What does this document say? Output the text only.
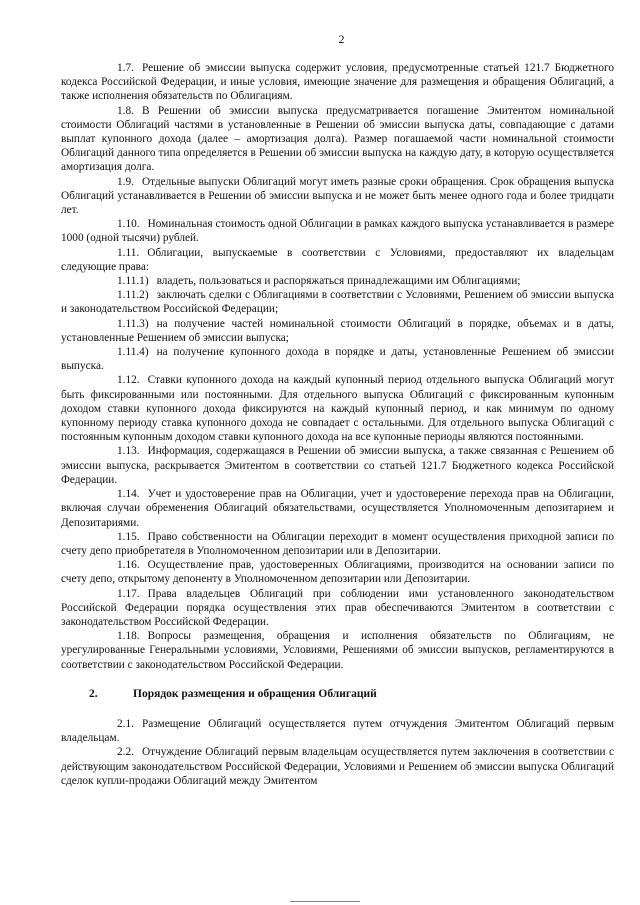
2

1.7. Решение об эмиссии выпуска содержит условия, предусмотренные статьей 121.7 Бюджетного кодекса Российской Федерации, и иные условия, имеющие значение для размещения и обращения Облигаций, а также исполнения обязательств по Облигациям.

1.8. В Решении об эмиссии выпуска предусматривается погашение Эмитентом номинальной стоимости Облигаций частями в установленные в Решении об эмиссии выпуска даты, совпадающие с датами выплат купонного дохода (далее – амортизация долга). Размер погашаемой части номинальной стоимости Облигаций данного типа определяется в Решении об эмиссии выпуска на каждую дату, в которую осуществляется амортизация долга.

1.9. Отдельные выпуски Облигаций могут иметь разные сроки обращения. Срок обращения выпуска Облигаций устанавливается в Решении об эмиссии выпуска и не может быть менее одного года и более тридцати лет.

1.10. Номинальная стоимость одной Облигации в рамках каждого выпуска устанавливается в размере 1000 (одной тысячи) рублей.

1.11. Облигации, выпускаемые в соответствии с Условиями, предоставляют их владельцам следующие права:

1.11.1) владеть, пользоваться и распоряжаться принадлежащими им Облигациями;

1.11.2) заключать сделки с Облигациями в соответствии с Условиями, Решением об эмиссии выпуска и законодательством Российской Федерации;

1.11.3) на получение частей номинальной стоимости Облигаций в порядке, объемах и в даты, установленные Решением об эмиссии выпуска;

1.11.4) на получение купонного дохода в порядке и даты, установленные Решением об эмиссии выпуска.

1.12. Ставки купонного дохода на каждый купонный период отдельного выпуска Облигаций могут быть фиксированными или постоянными. Для отдельного выпуска Облигаций с фиксированным купонным доходом ставки купонного дохода фиксируются на каждый купонный период, и как минимум по одному купонному периоду ставка купонного дохода не совпадает с остальными. Для отдельного выпуска Облигаций с постоянным купонным доходом ставки купонного дохода на все купонные периоды являются постоянными.

1.13. Информация, содержащаяся в Решении об эмиссии выпуска, а также связанная с Решением об эмиссии выпуска, раскрывается Эмитентом в соответствии со статьей 121.7 Бюджетного кодекса Российской Федерации.

1.14. Учет и удостоверение прав на Облигации, учет и удостоверение перехода прав на Облигации, включая случаи обременения Облигаций обязательствами, осуществляется Уполномоченным депозитарием и Депозитариями.

1.15. Право собственности на Облигации переходит в момент осуществления приходной записи по счету депо приобретателя в Уполномоченном депозитарии или в Депозитарии.

1.16. Осуществление прав, удостоверенных Облигациями, производится на основании записи по счету депо, открытому депоненту в Уполномоченном депозитарии или Депозитарии.

1.17. Права владельцев Облигаций при соблюдении ими установленного законодательством Российской Федерации порядка осуществления этих прав обеспечиваются Эмитентом в соответствии с законодательством Российской Федерации.

1.18. Вопросы размещения, обращения и исполнения обязательств по Облигациям, не урегулированные Генеральными условиями, Условиями, Решениями об эмиссии выпусков, регламентируются в соответствии с законодательством Российской Федерации.

2.	Порядок размещения и обращения Облигаций

2.1. Размещение Облигаций осуществляется путем отчуждения Эмитентом Облигаций первым владельцам.

2.2. Отчуждение Облигаций первым владельцам осуществляется путем заключения в соответствии с действующим законодательством Российской Федерации, Условиями и Решением об эмиссии выпуска Облигаций сделок купли-продажи Облигаций между Эмитентом
